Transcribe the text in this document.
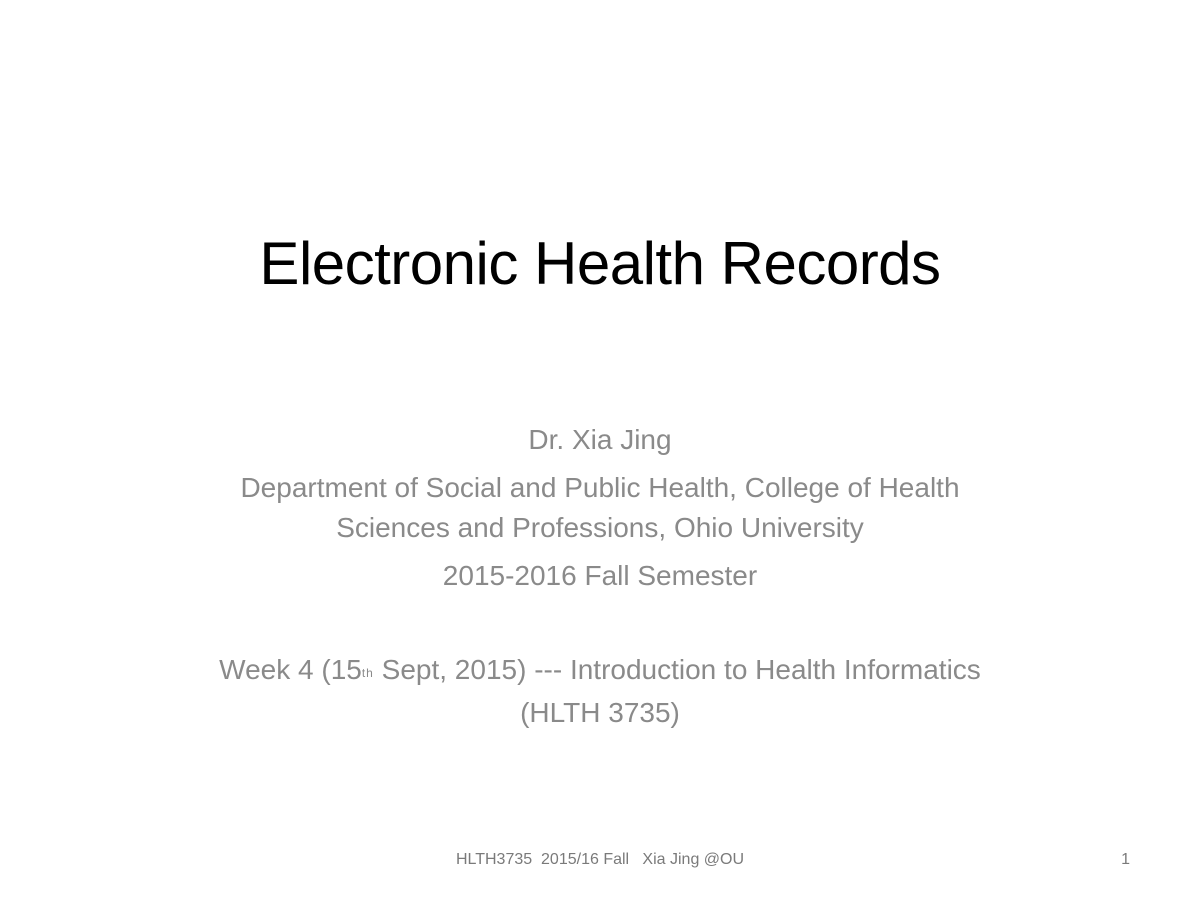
Electronic Health Records
Dr. Xia Jing
Department of Social and Public Health, College of Health
Sciences and Professions, Ohio University
2015-2016 Fall Semester
Week 4 (15th Sept, 2015) --- Introduction to Health Informatics
(HLTH 3735)
HLTH3735  2015/16 Fall   Xia Jing @OU	1
